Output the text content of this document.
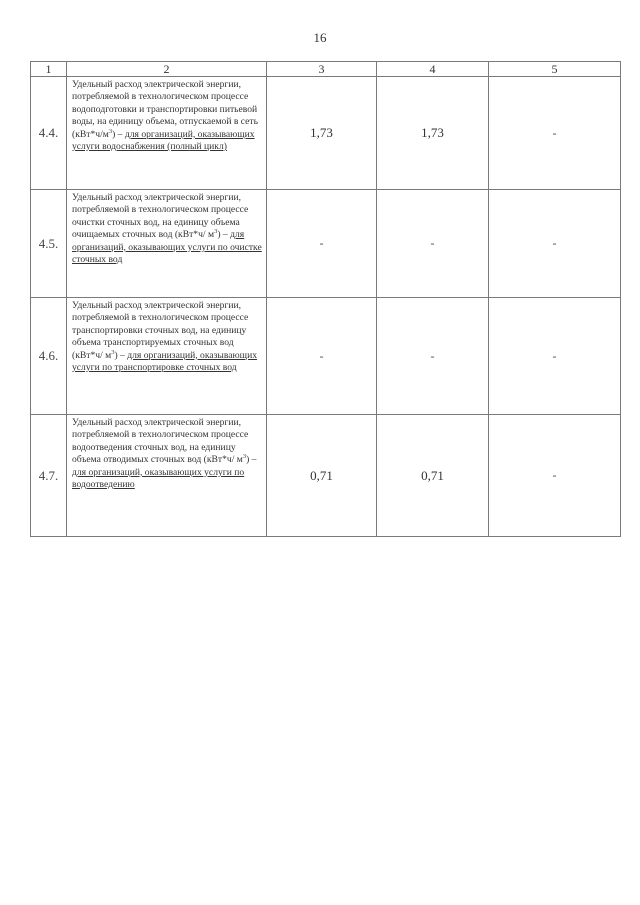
16
1	2	3	4	5
4.4.	Удельный расход электрической энергии, потребляемой в технологическом процессе водоподготовки и транспортировки питьевой воды, на единицу объема, отпускаемой в сеть $(кВт*ч/м^3)$ – для организаций, оказывающих услуги водоснабжения (полный цикл)	1,73	1,73	-
4.5.	Удельный расход электрической энергии, потребляемой в технологическом процессе очистки сточных вод, на единицу объема очищаемых сточных вод (кВт*ч/ $м^3$) – для организаций, оказывающих услуги по очистке сточных вод	-	-	-
4.6.	Удельный расход электрической энергии, потребляемой в технологическом процессе транспортировки сточных вод, на единицу объема транспортируемых сточных вод (кВт*ч/ $м^3$) – для организаций, оказывающих услуги по транспортировке сточных вод	-	-	-
4.7.	Удельный расход электрической энергии, потребляемой в технологическом процессе водоотведения сточных вод, на единицу объема отводимых сточных вод (кВт*ч/ $м^3$) – для организаций, оказывающих услуги по водоотведению	0,71	0,71	-
